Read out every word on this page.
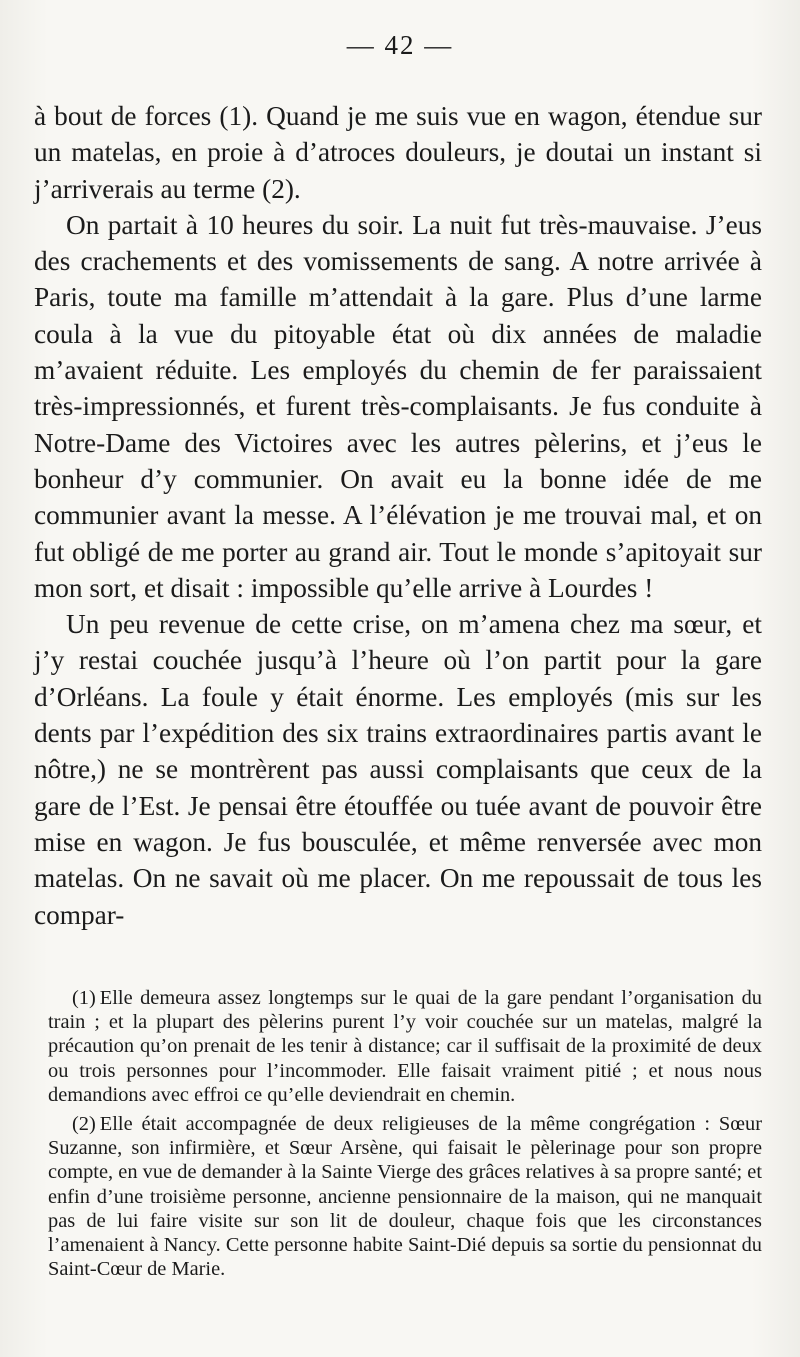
— 42 —

à bout de forces (1). Quand je me suis vue en wagon, étendue sur un matelas, en proie à d’atroces douleurs, je doutai un instant si j’arriverais au terme (2).

On partait à 10 heures du soir. La nuit fut très-mauvaise. J’eus des crachements et des vomissements de sang. A notre arrivée à Paris, toute ma famille m’attendait à la gare. Plus d’une larme coula à la vue du pitoyable état où dix années de maladie m’avaient réduite. Les employés du chemin de fer paraissaient très-impressionnés, et furent très-complaisants. Je fus conduite à Notre-Dame des Victoires avec les autres pèlerins, et j’eus le bonheur d’y communier. On avait eu la bonne idée de me communier avant la messe. A l’élévation je me trouvai mal, et on fut obligé de me porter au grand air. Tout le monde s’apitoyait sur mon sort, et disait : impossible qu’elle arrive à Lourdes !

Un peu revenue de cette crise, on m’amena chez ma sœur, et j’y restai couchée jusqu’à l’heure où l’on partit pour la gare d’Orléans. La foule y était énorme. Les employés (mis sur les dents par l’expédition des six trains extraordinaires partis avant le nôtre,) ne se montrèrent pas aussi complaisants que ceux de la gare de l’Est. Je pensai être étouffée ou tuée avant de pouvoir être mise en wagon. Je fus bousculée, et même renversée avec mon matelas. On ne savait où me placer. On me repoussait de tous les compar-

(1) Elle demeura assez longtemps sur le quai de la gare pendant l’organisation du train ; et la plupart des pèlerins purent l’y voir couchée sur un matelas, malgré la précaution qu’on prenait de les tenir à distance; car il suffisait de la proximité de deux ou trois personnes pour l’incommoder. Elle faisait vraiment pitié ; et nous nous demandions avec effroi ce qu’elle deviendrait en chemin.

(2) Elle était accompagnée de deux religieuses de la même congrégation : Sœur Suzanne, son infirmière, et Sœur Arsène, qui faisait le pèlerinage pour son propre compte, en vue de demander à la Sainte Vierge des grâces relatives à sa propre santé; et enfin d’une troisième personne, ancienne pensionnaire de la maison, qui ne manquait pas de lui faire visite sur son lit de douleur, chaque fois que les circonstances l’amenaient à Nancy. Cette personne habite Saint-Dié depuis sa sortie du pensionnat du Saint-Cœur de Marie.
